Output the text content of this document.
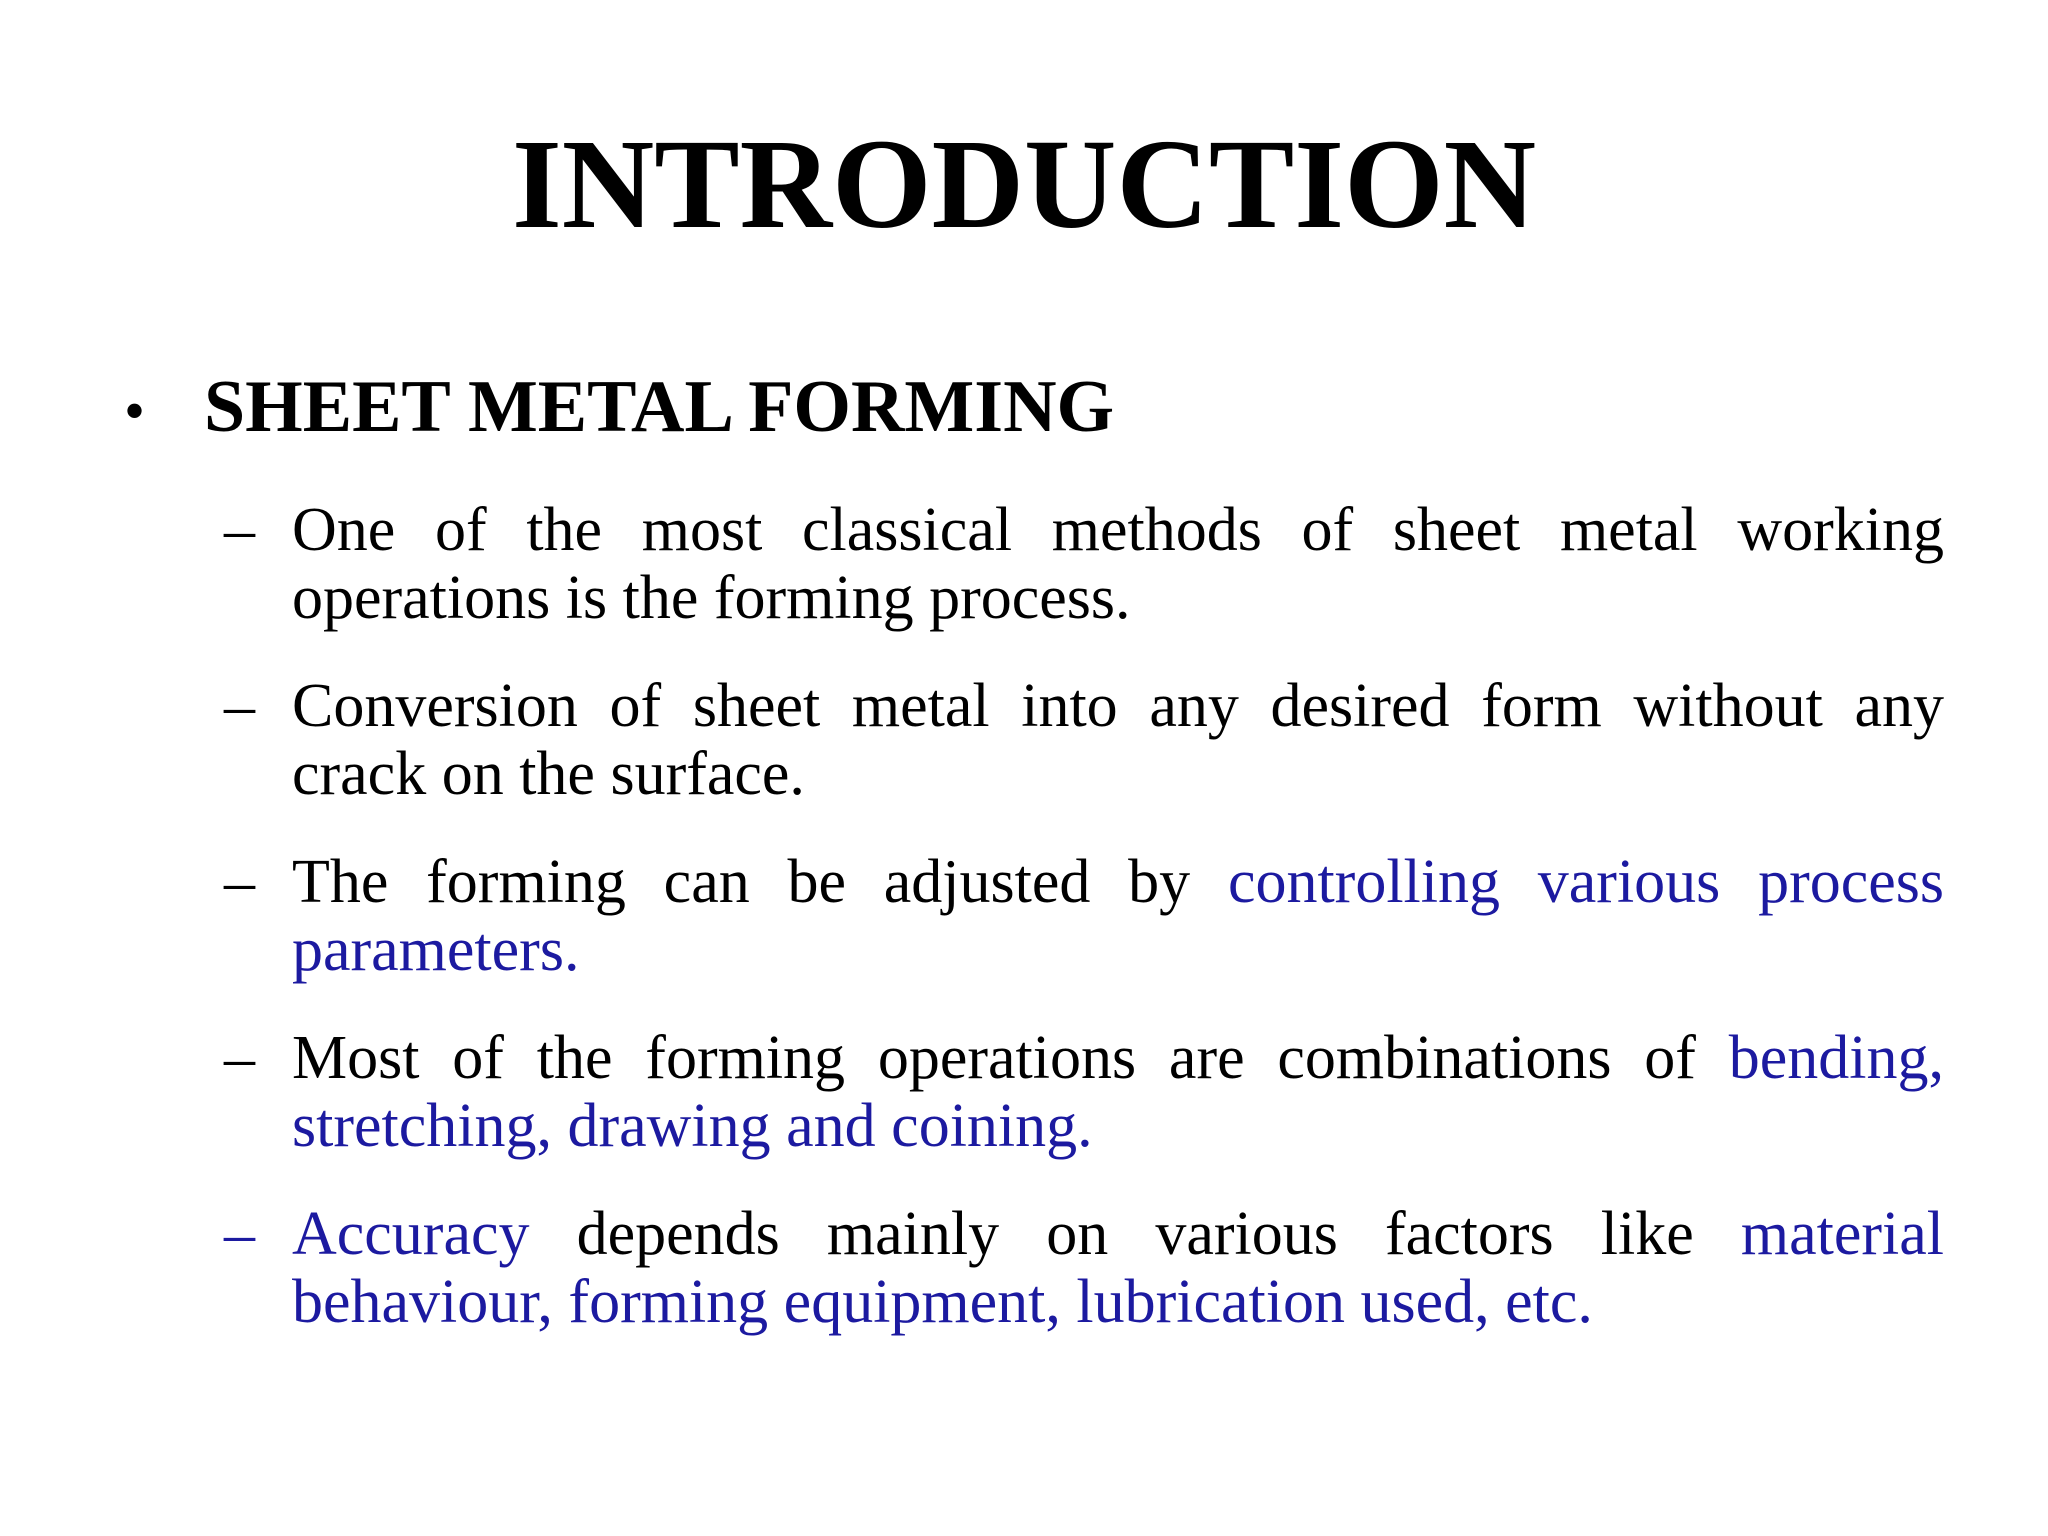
INTRODUCTION
• SHEET METAL FORMING
– One of the most classical methods of sheet metal working operations is the forming process.
– Conversion of sheet metal into any desired form without any crack on the surface.
– The forming can be adjusted by controlling various process parameters.
– Most of the forming operations are combinations of bending, stretching, drawing and coining.
– Accuracy depends mainly on various factors like material behaviour, forming equipment, lubrication used, etc.
